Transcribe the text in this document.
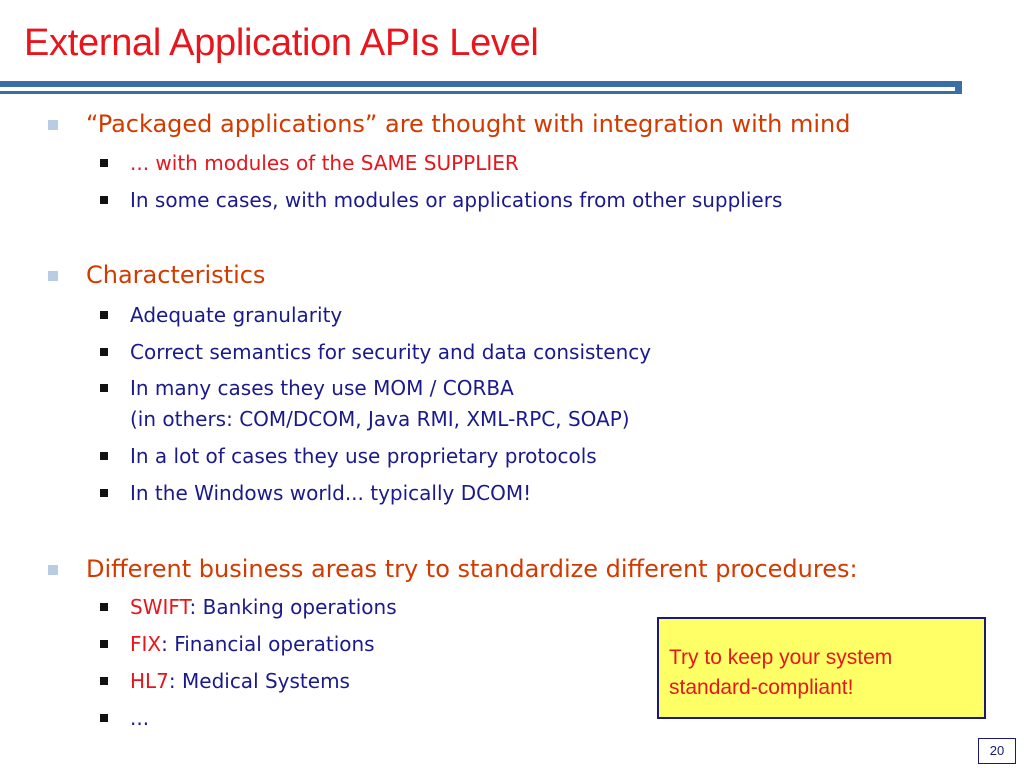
External Application APIs Level
“Packaged applications” are thought with integration with mind
... with modules of the SAME SUPPLIER
In some cases, with modules or applications from other suppliers
Characteristics
Adequate granularity
Correct semantics for security and data consistency
In many cases they use MOM / CORBA
(in others: COM/DCOM, Java RMI, XML-RPC, SOAP)
In a lot of cases they use proprietary protocols
In the Windows world... typically DCOM!
Different business areas try to standardize different procedures:
SWIFT: Banking operations
FIX: Financial operations
HL7: Medical Systems
...
Try to keep your system
standard-compliant!
20
